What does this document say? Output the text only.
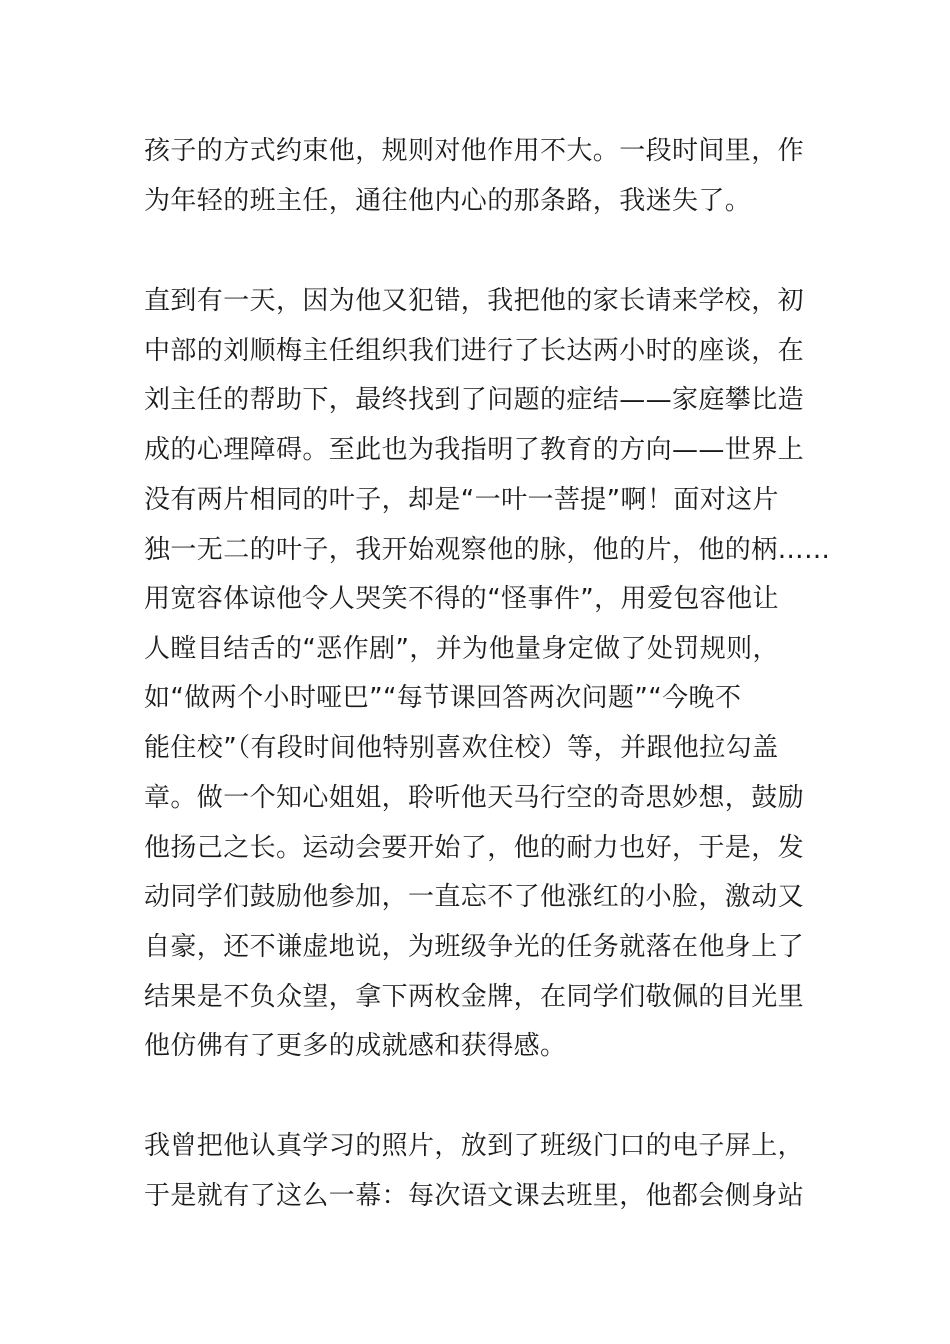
孩子的方式约束他，规则对他作用不大。一段时间里，作
为年轻的班主任，通往他内心的那条路，我迷失了。
直到有一天，因为他又犯错，我把他的家长请来学校，初
中部的刘顺梅主任组织我们进行了长达两小时的座谈，在
刘主任的帮助下，最终找到了问题的症结——家庭攀比造
成的心理障碍。至此也为我指明了教育的方向——世界上
没有两片相同的叶子，却是“一叶一菩提”啊！面对这片
独一无二的叶子，我开始观察他的脉，他的片，他的柄……
用宽容体谅他令人哭笑不得的“怪事件”，用爱包容他让
人瞠目结舌的“恶作剧”，并为他量身定做了处罚规则，
如“做两个小时哑巴”“每节课回答两次问题”“今晚不
能住校”（有段时间他特别喜欢住校）等，并跟他拉勾盖
章。做一个知心姐姐，聆听他天马行空的奇思妙想，鼓励
他扬己之长。运动会要开始了，他的耐力也好，于是，发
动同学们鼓励他参加，一直忘不了他涨红的小脸，激动又
自豪，还不谦虚地说，为班级争光的任务就落在他身上了
结果是不负众望，拿下两枚金牌，在同学们敬佩的目光里
他仿佛有了更多的成就感和获得感。
我曾把他认真学习的照片，放到了班级门口的电子屏上，
于是就有了这么一幕：每次语文课去班里，他都会侧身站
